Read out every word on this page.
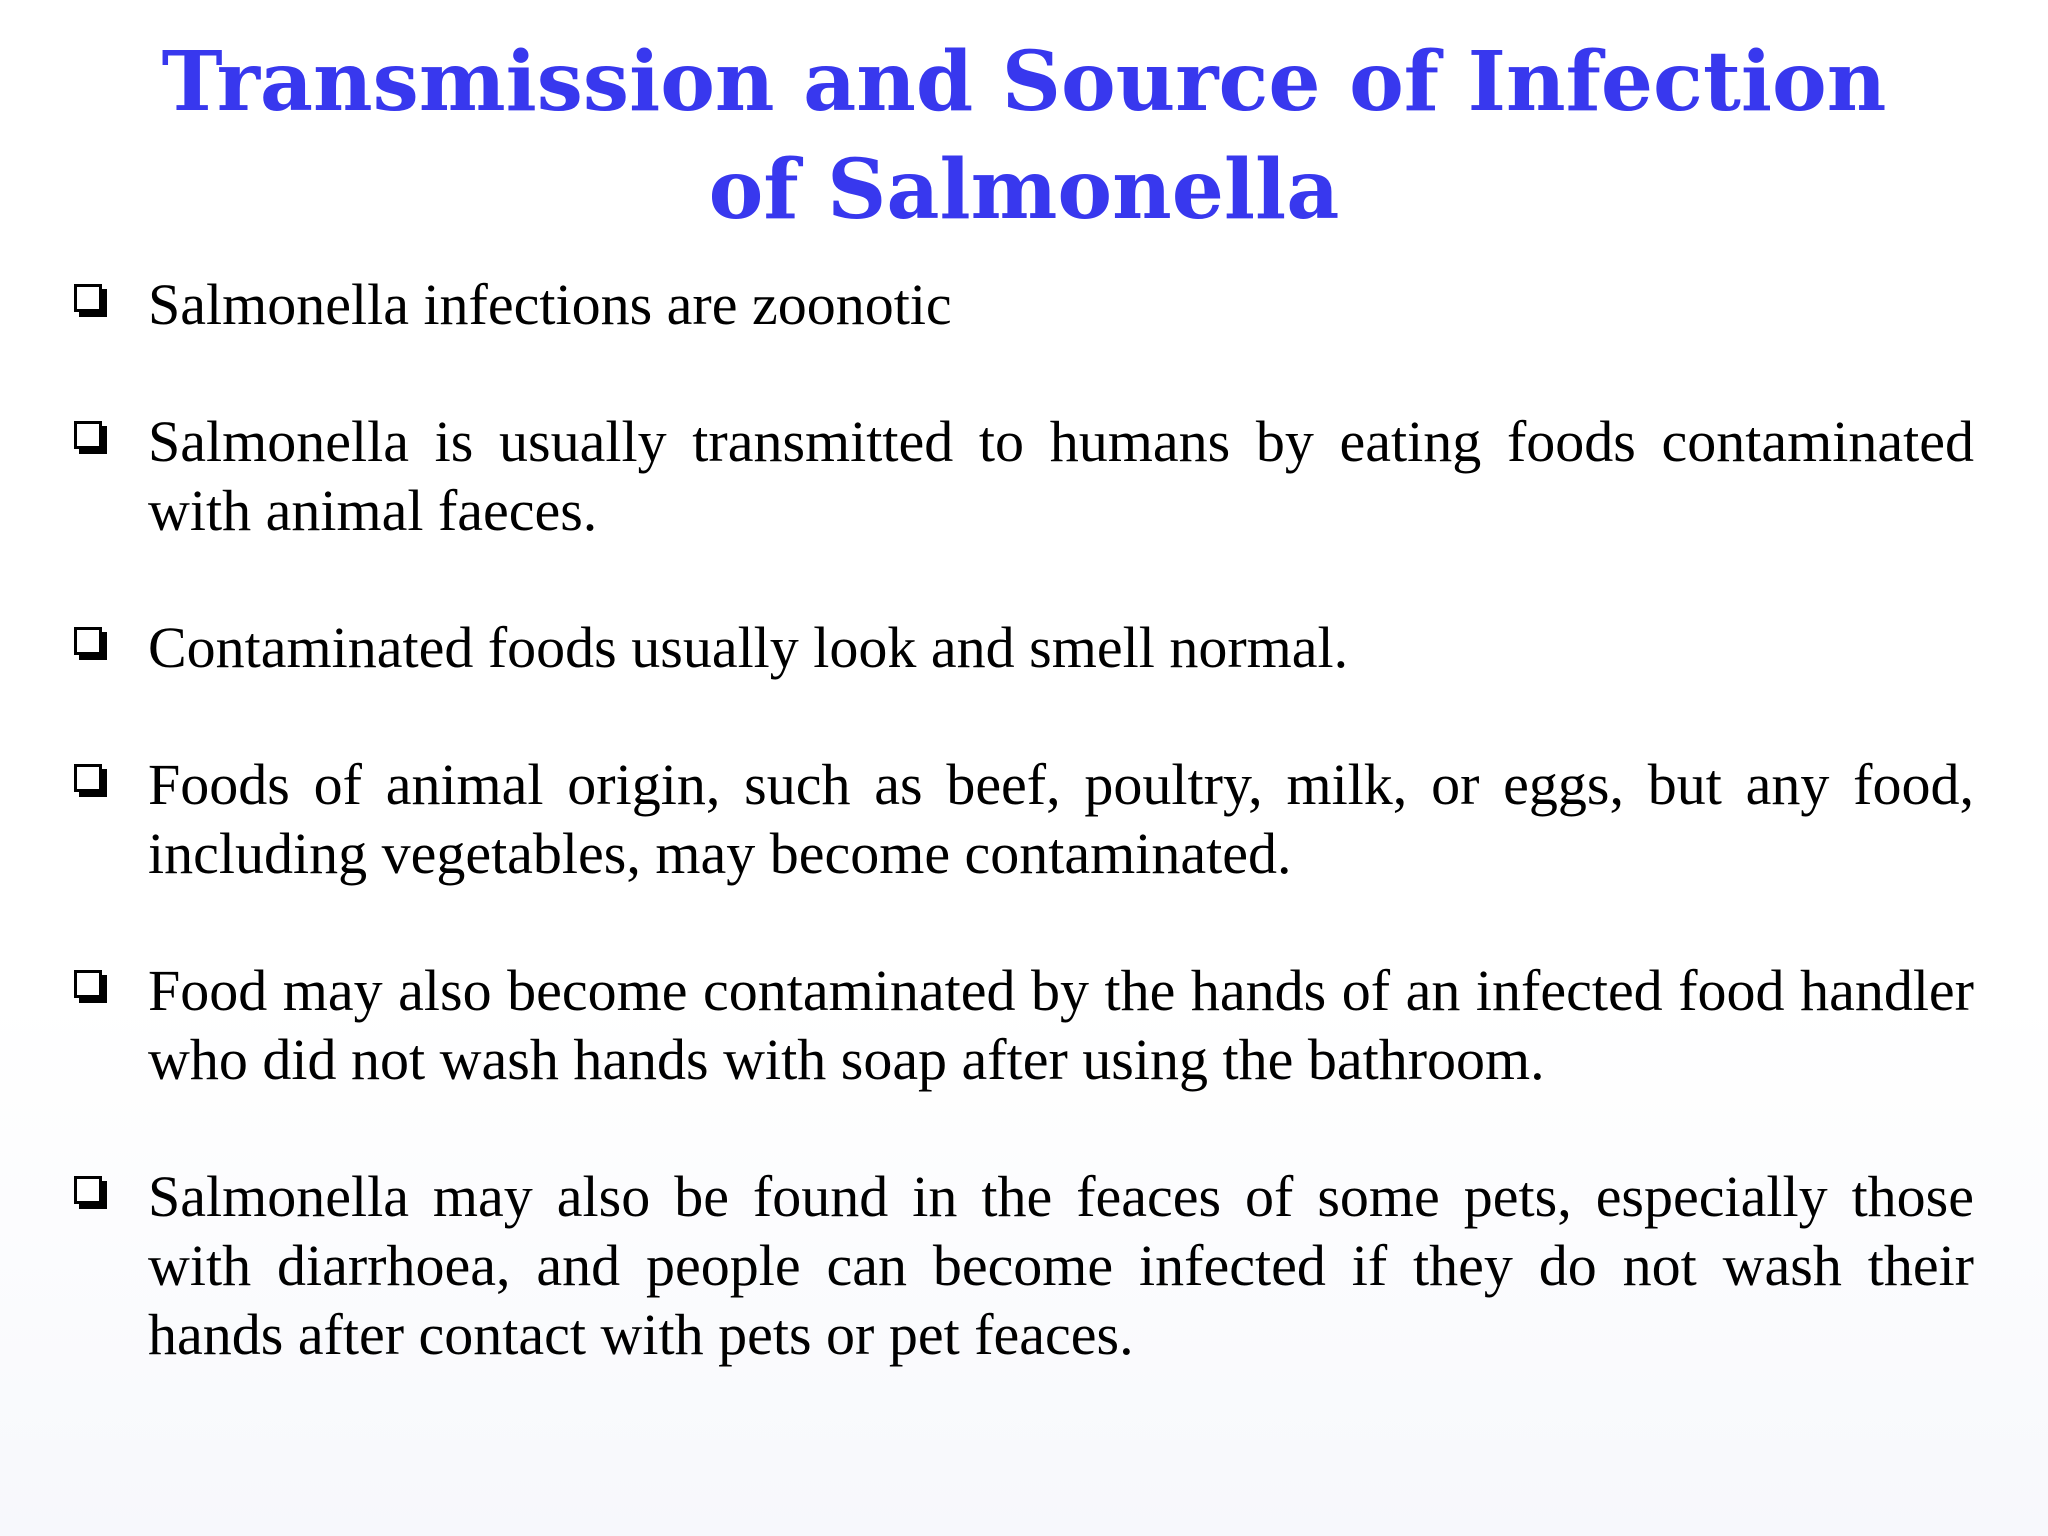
Transmission and Source of Infection of Salmonella
Salmonella infections are zoonotic
Salmonella is usually transmitted to humans by eating foods contaminated with animal faeces.
Contaminated foods usually look and smell normal.
Foods of animal origin, such as beef, poultry, milk, or eggs, but any food, including vegetables, may become contaminated.
Food may also become contaminated by the hands of an infected food handler who did not wash hands with soap after using the bathroom.
Salmonella may also be found in the feaces of some pets, especially those with diarrhoea, and people can become infected if they do not wash their hands after contact with pets or pet feaces.
